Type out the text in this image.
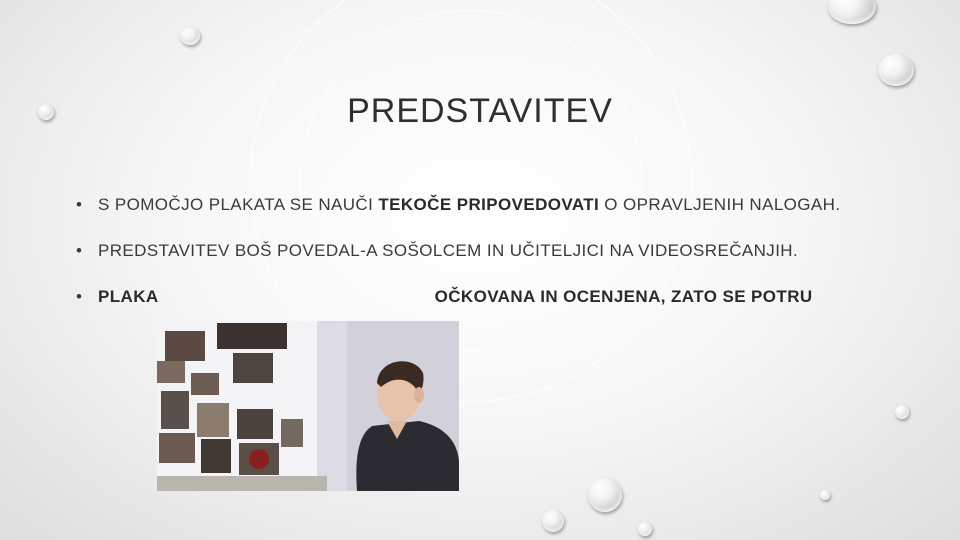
PREDSTAVITEV
• S POMOČJO PLAKATA SE NAUČI TEKOČE PRIPOVEDOVATI O OPRAVLJENIH NALOGAH.
• PREDSTAVITEV BOŠ POVEDAL-A SOŠOLCEM IN UČITELJICI NA VIDEOSREČANJIH.
• PLAKA	OČKOVANA IN OCENJENA, ZATO SE POTRU
